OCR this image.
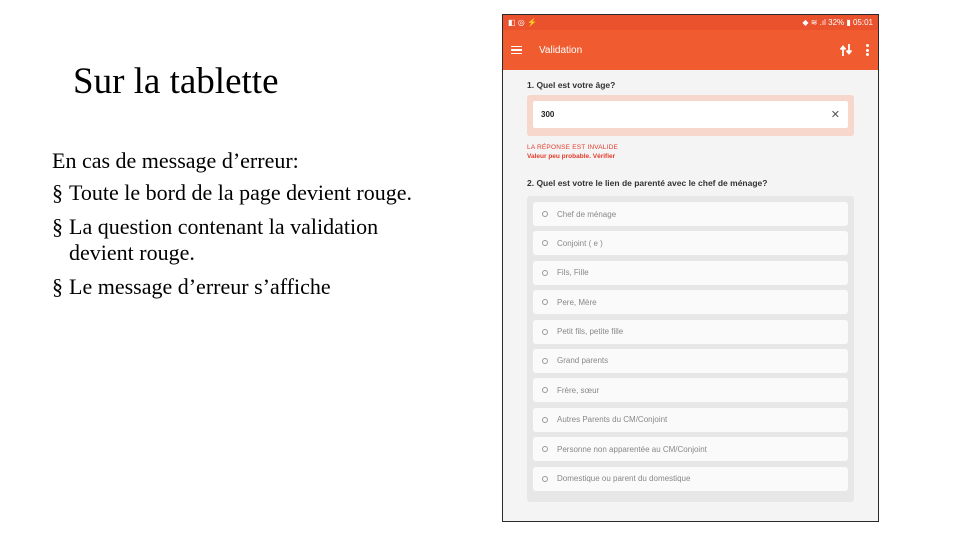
Sur la tablette
En cas de message d’erreur:
§ Toute le bord de la page devient rouge.
§ La question contenant la validation devient rouge.
§ Le message d’erreur s’affiche
◧ ◎ ⚡	◆ ≋ .ıl 32% ▮ 05:01
Validation
1. Quel est votre âge?
300	✕
LA RÉPONSE EST INVALIDE
Valeur peu probable. Vérifier
2. Quel est votre le lien de parenté avec le chef de ménage?
Chef de ménage
Conjoint ( e )
Fils, Fille
Pere, Mère
Petit fils, petite fille
Grand parents
Frère, sœur
Autres Parents du CM/Conjoint
Personne non apparentée au CM/Conjoint
Domestique ou parent du domestique
